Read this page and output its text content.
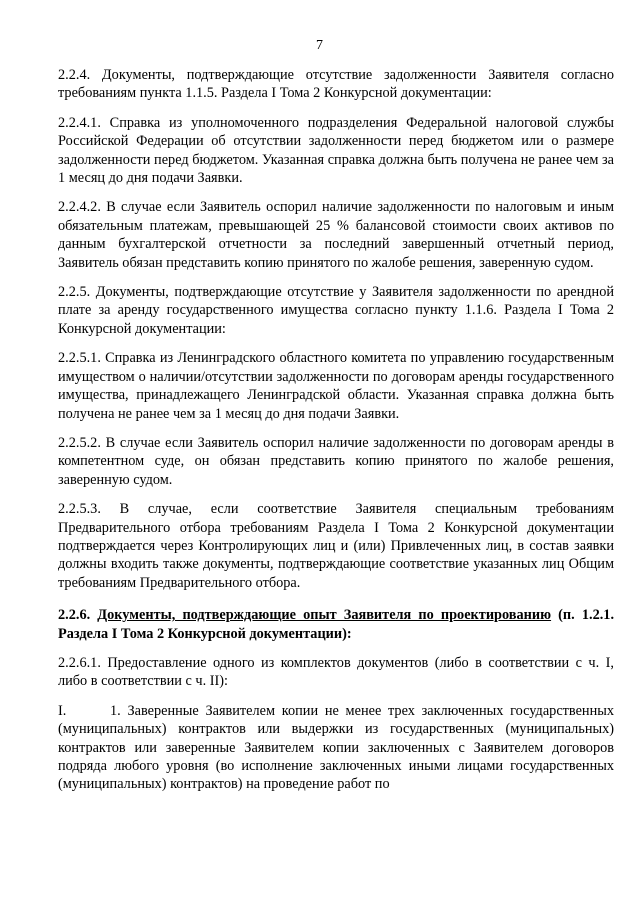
7

2.2.4. Документы, подтверждающие отсутствие задолженности Заявителя согласно требованиям пункта 1.1.5. Раздела I Тома 2 Конкурсной документации:

2.2.4.1. Справка из уполномоченного подразделения Федеральной налоговой службы Российской Федерации об отсутствии задолженности перед бюджетом или о размере задолженности перед бюджетом. Указанная справка должна быть получена не ранее чем за 1 месяц до дня подачи Заявки.

2.2.4.2. В случае если Заявитель оспорил наличие задолженности по налоговым и иным обязательным платежам, превышающей 25 % балансовой стоимости своих активов по данным бухгалтерской отчетности за последний завершенный отчетный период, Заявитель обязан представить копию принятого по жалобе решения, заверенную судом.

2.2.5. Документы, подтверждающие отсутствие у Заявителя задолженности по арендной плате за аренду государственного имущества согласно пункту 1.1.6. Раздела I Тома 2 Конкурсной документации:

2.2.5.1. Справка из Ленинградского областного комитета по управлению государственным имуществом о наличии/отсутствии задолженности по договорам аренды государственного имущества, принадлежащего Ленинградской области. Указанная справка должна быть получена не ранее чем за 1 месяц до дня подачи Заявки.

2.2.5.2. В случае если Заявитель оспорил наличие задолженности по договорам аренды в компетентном суде, он обязан представить копию принятого по жалобе решения, заверенную судом.

2.2.5.3. В случае, если соответствие Заявителя специальным требованиям Предварительного отбора требованиям Раздела I Тома 2 Конкурсной документации подтверждается через Контролирующих лиц и (или) Привлеченных лиц, в состав заявки должны входить также документы, подтверждающие соответствие указанных лиц Общим требованиям Предварительного отбора.

2.2.6. Документы, подтверждающие опыт Заявителя по проектированию (п. 1.2.1. Раздела I Тома 2 Конкурсной документации):

2.2.6.1. Предоставление одного из комплектов документов (либо в соответствии с ч. I, либо в соответствии с ч. II):

I.	1. Заверенные Заявителем копии не менее трех заключенных государственных (муниципальных) контрактов или выдержки из государственных (муниципальных) контрактов или заверенные Заявителем копии заключенных с Заявителем договоров подряда любого уровня (во исполнение заключенных иными лицами государственных (муниципальных) контрактов) на проведение работ по
